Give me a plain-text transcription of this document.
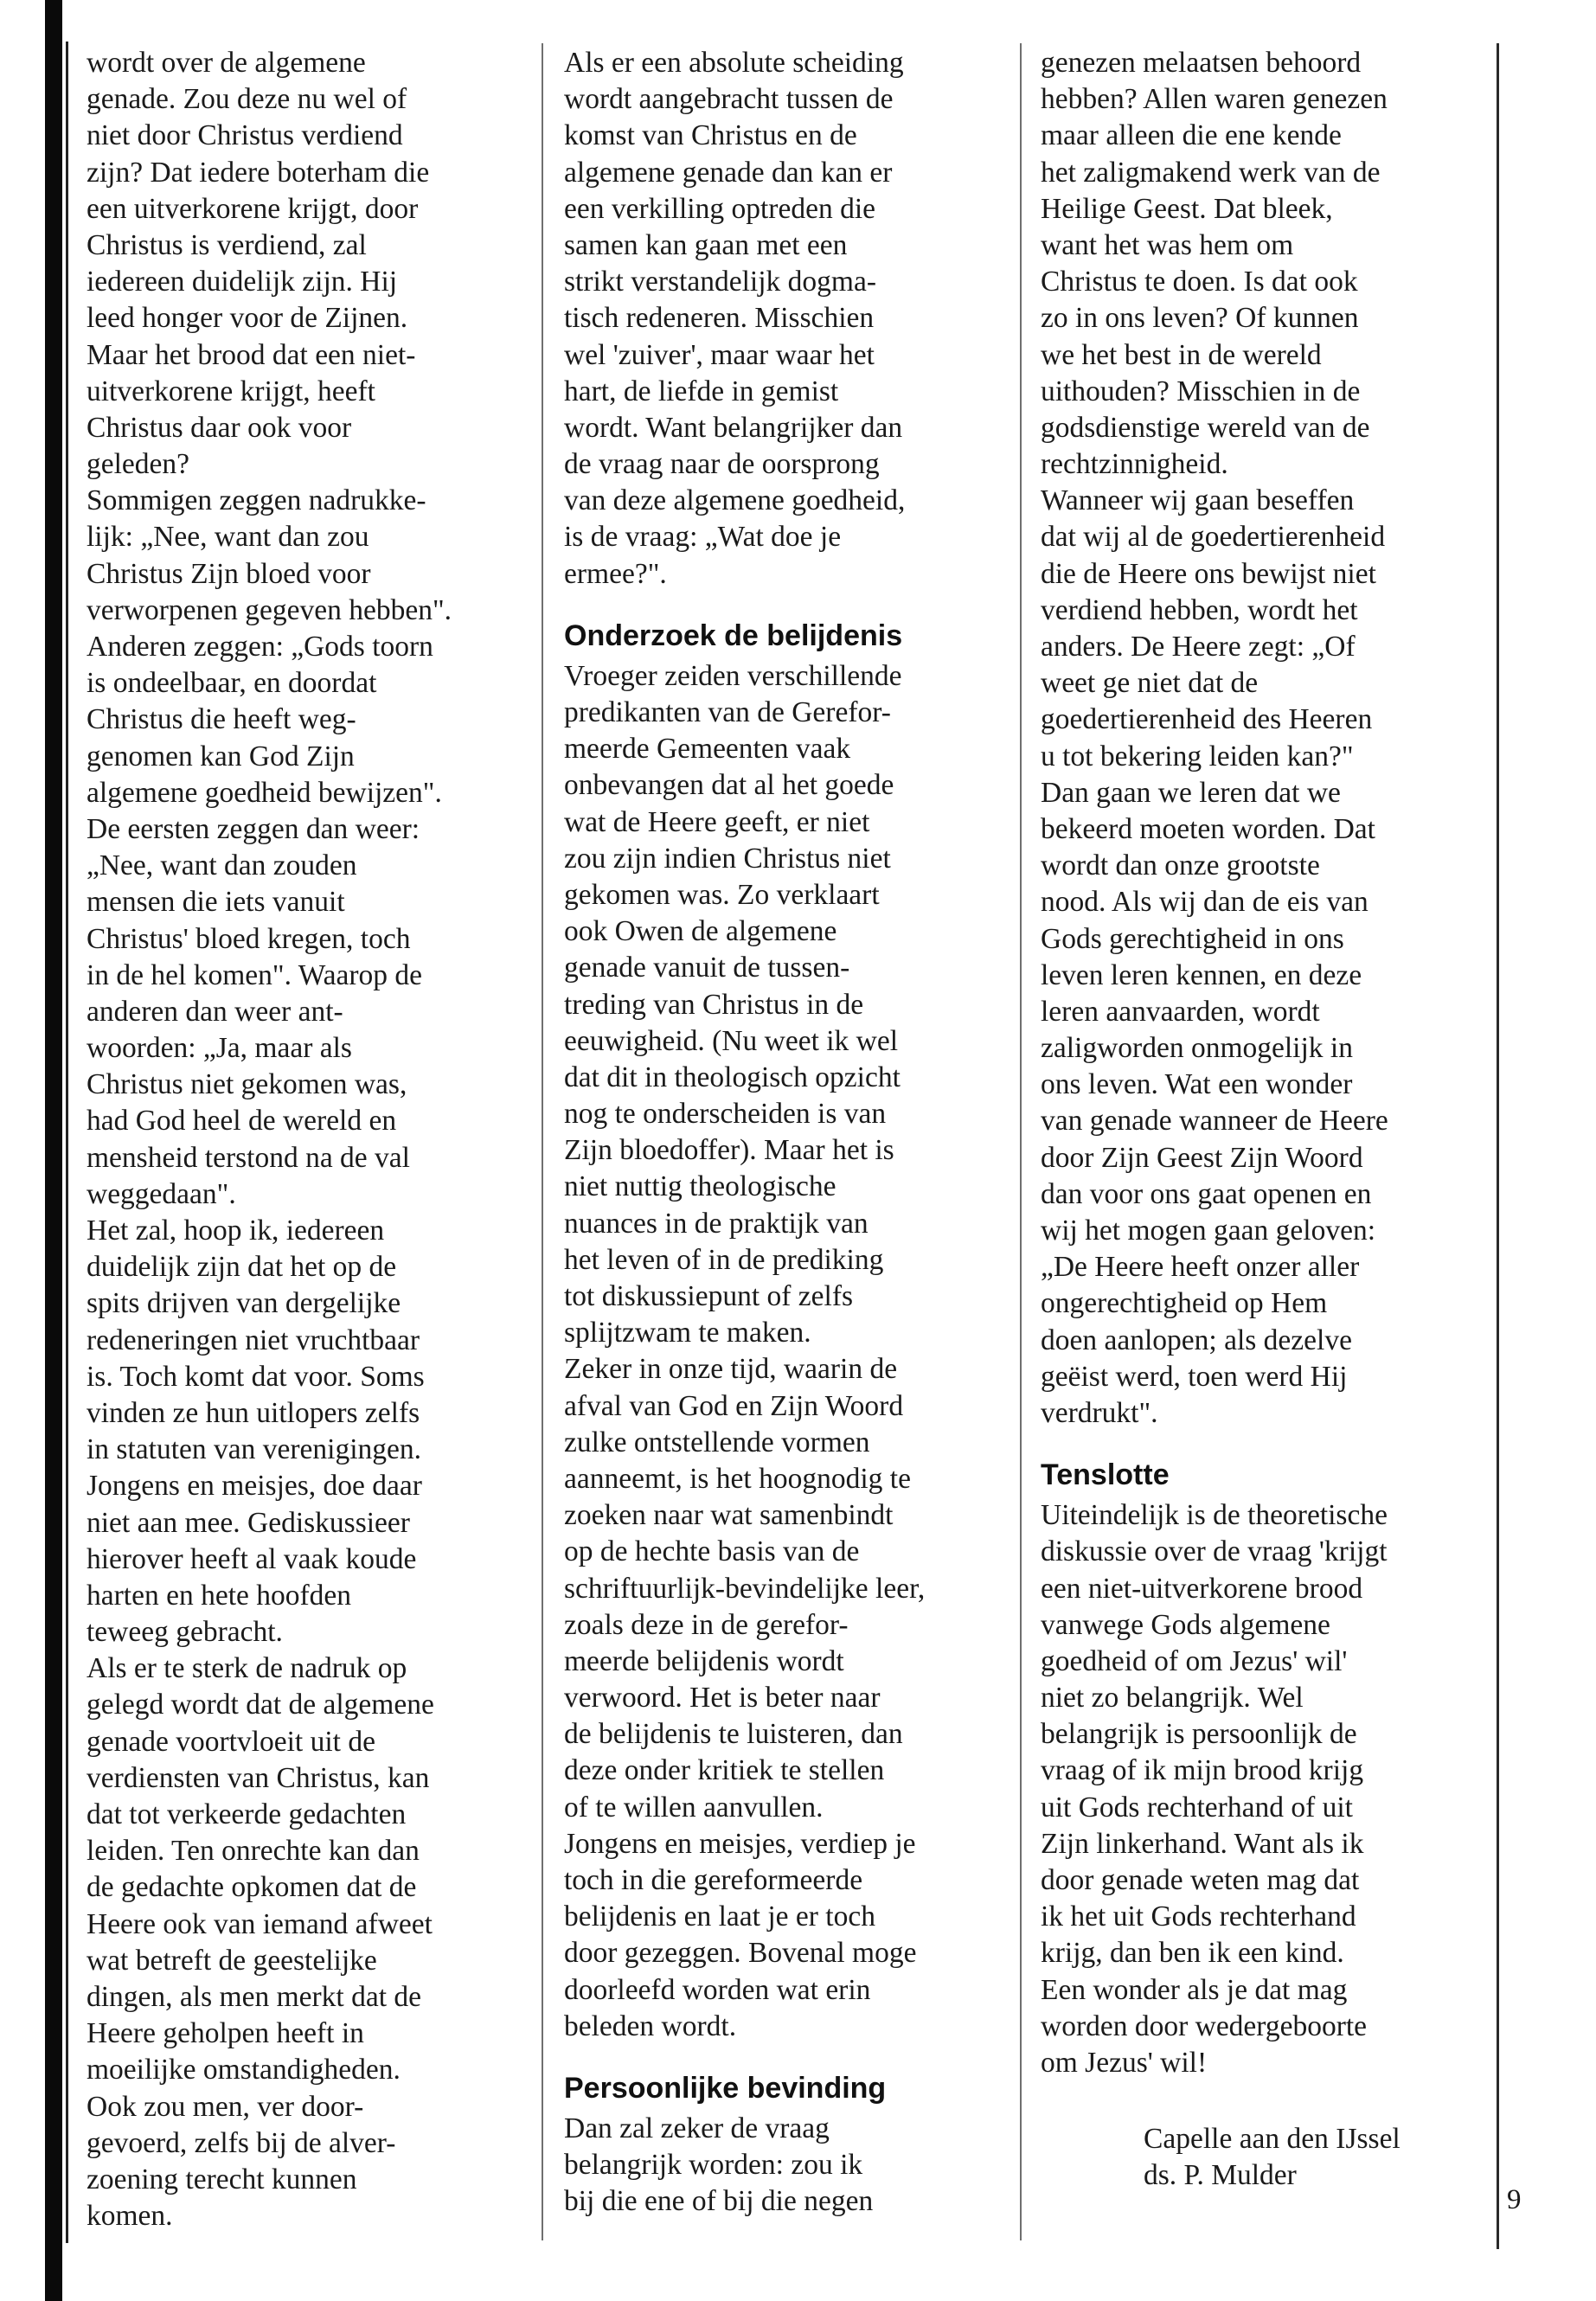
wordt over de algemene
genade. Zou deze nu wel of
niet door Christus verdiend
zijn? Dat iedere boterham die
een uitverkorene krijgt, door
Christus is verdiend, zal
iedereen duidelijk zijn. Hij
leed honger voor de Zijnen.
Maar het brood dat een niet-
uitverkorene krijgt, heeft
Christus daar ook voor
geleden?
Sommigen zeggen nadrukke-
lijk: „Nee, want dan zou
Christus Zijn bloed voor
verworpenen gegeven hebben".
Anderen zeggen: „Gods toorn
is ondeelbaar, en doordat
Christus die heeft weg-
genomen kan God Zijn
algemene goedheid bewijzen".
De eersten zeggen dan weer:
„Nee, want dan zouden
mensen die iets vanuit
Christus' bloed kregen, toch
in de hel komen". Waarop de
anderen dan weer ant-
woorden: „Ja, maar als
Christus niet gekomen was,
had God heel de wereld en
mensheid terstond na de val
weggedaan".
Het zal, hoop ik, iedereen
duidelijk zijn dat het op de
spits drijven van dergelijke
redeneringen niet vruchtbaar
is. Toch komt dat voor. Soms
vinden ze hun uitlopers zelfs
in statuten van verenigingen.
Jongens en meisjes, doe daar
niet aan mee. Gediskussieer
hierover heeft al vaak koude
harten en hete hoofden
teweeg gebracht.
Als er te sterk de nadruk op
gelegd wordt dat de algemene
genade voortvloeit uit de
verdiensten van Christus, kan
dat tot verkeerde gedachten
leiden. Ten onrechte kan dan
de gedachte opkomen dat de
Heere ook van iemand afweet
wat betreft de geestelijke
dingen, als men merkt dat de
Heere geholpen heeft in
moeilijke omstandigheden.
Ook zou men, ver door-
gevoerd, zelfs bij de alver-
zoening terecht kunnen
komen.
Als er een absolute scheiding
wordt aangebracht tussen de
komst van Christus en de
algemene genade dan kan er
een verkilling optreden die
samen kan gaan met een
strikt verstandelijk dogma-
tisch redeneren. Misschien
wel 'zuiver', maar waar het
hart, de liefde in gemist
wordt. Want belangrijker dan
de vraag naar de oorsprong
van deze algemene goedheid,
is de vraag: „Wat doe je
ermee?".
Onderzoek de belijdenis
Vroeger zeiden verschillende
predikanten van de Gerefor-
meerde Gemeenten vaak
onbevangen dat al het goede
wat de Heere geeft, er niet
zou zijn indien Christus niet
gekomen was. Zo verklaart
ook Owen de algemene
genade vanuit de tussen-
treding van Christus in de
eeuwigheid. (Nu weet ik wel
dat dit in theologisch opzicht
nog te onderscheiden is van
Zijn bloedoffer). Maar het is
niet nuttig theologische
nuances in de praktijk van
het leven of in de prediking
tot diskussiepunt of zelfs
splijtzwam te maken.
Zeker in onze tijd, waarin de
afval van God en Zijn Woord
zulke ontstellende vormen
aanneemt, is het hoognodig te
zoeken naar wat samenbindt
op de hechte basis van de
schriftuurlijk-bevindelijke leer,
zoals deze in de gerefor-
meerde belijdenis wordt
verwoord. Het is beter naar
de belijdenis te luisteren, dan
deze onder kritiek te stellen
of te willen aanvullen.
Jongens en meisjes, verdiep je
toch in die gereformeerde
belijdenis en laat je er toch
door gezeggen. Bovenal moge
doorleefd worden wat erin
beleden wordt.
Persoonlijke bevinding
Dan zal zeker de vraag
belangrijk worden: zou ik
bij die ene of bij die negen
genezen melaatsen behoord
hebben? Allen waren genezen
maar alleen die ene kende
het zaligmakend werk van de
Heilige Geest. Dat bleek,
want het was hem om
Christus te doen. Is dat ook
zo in ons leven? Of kunnen
we het best in de wereld
uithouden? Misschien in de
godsdienstige wereld van de
rechtzinnigheid.
Wanneer wij gaan beseffen
dat wij al de goedertierenheid
die de Heere ons bewijst niet
verdiend hebben, wordt het
anders. De Heere zegt: „Of
weet ge niet dat de
goedertierenheid des Heeren
u tot bekering leiden kan?"
Dan gaan we leren dat we
bekeerd moeten worden. Dat
wordt dan onze grootste
nood. Als wij dan de eis van
Gods gerechtigheid in ons
leven leren kennen, en deze
leren aanvaarden, wordt
zaligworden onmogelijk in
ons leven. Wat een wonder
van genade wanneer de Heere
door Zijn Geest Zijn Woord
dan voor ons gaat openen en
wij het mogen gaan geloven:
„De Heere heeft onzer aller
ongerechtigheid op Hem
doen aanlopen; als dezelve
geëist werd, toen werd Hij
verdrukt".
Tenslotte
Uiteindelijk is de theoretische
diskussie over de vraag 'krijgt
een niet-uitverkorene brood
vanwege Gods algemene
goedheid of om Jezus' wil'
niet zo belangrijk. Wel
belangrijk is persoonlijk de
vraag of ik mijn brood krijg
uit Gods rechterhand of uit
Zijn linkerhand. Want als ik
door genade weten mag dat
ik het uit Gods rechterhand
krijg, dan ben ik een kind.
Een wonder als je dat mag
worden door wedergeboorte
om Jezus' wil!
Capelle aan den IJssel
ds. P. Mulder
9
